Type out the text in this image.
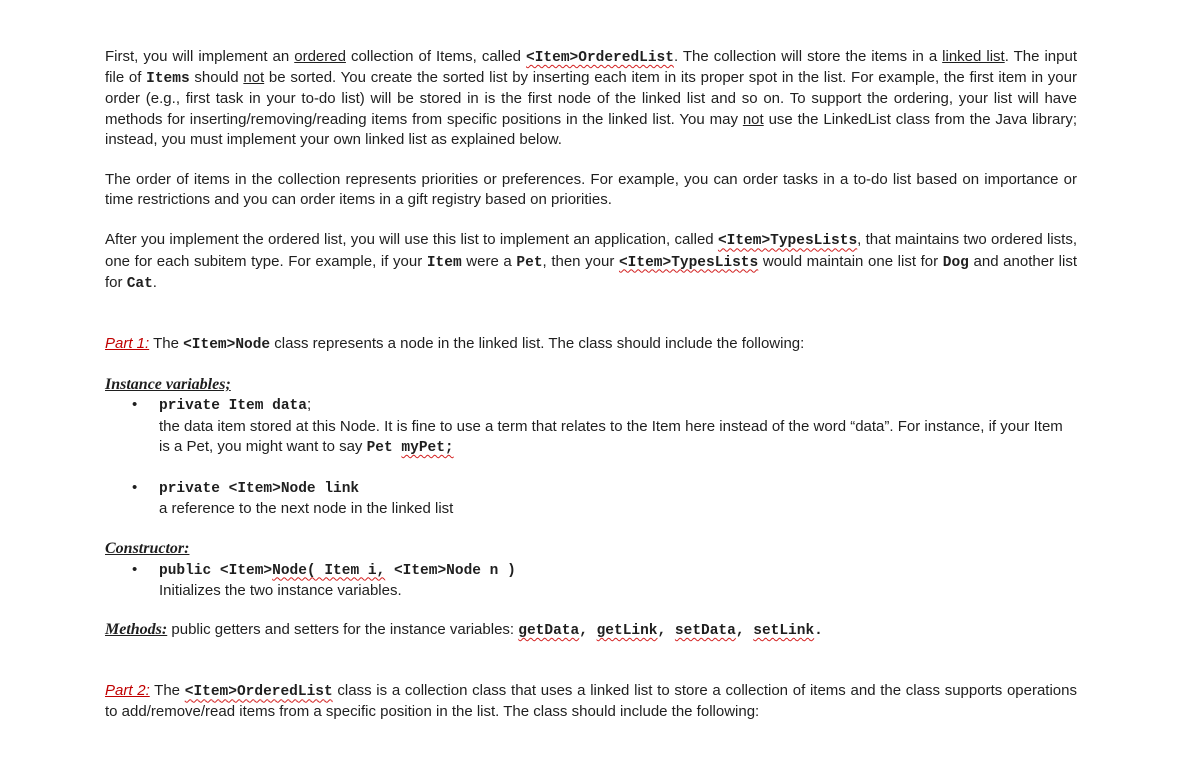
First, you will implement an ordered collection of Items, called <Item>OrderedList. The collection will store the items in a linked list. The input file of Items should not be sorted. You create the sorted list by inserting each item in its proper spot in the list. For example, the first item in your order (e.g., first task in your to-do list) will be stored in is the first node of the linked list and so on. To support the ordering, your list will have methods for inserting/removing/reading items from specific positions in the linked list. You may not use the LinkedList class from the Java library; instead, you must implement your own linked list as explained below.

The order of items in the collection represents priorities or preferences. For example, you can order tasks in a to-do list based on importance or time restrictions and you can order items in a gift registry based on priorities.

After you implement the ordered list, you will use this list to implement an application, called <Item>TypesLists, that maintains two ordered lists, one for each subitem type. For example, if your Item were a Pet, then your <Item>TypesLists would maintain one list for Dog and another list for Cat.

Part 1: The <Item>Node class represents a node in the linked list. The class should include the following:

Instance variables;

• private Item data;

the data item stored at this Node. It is fine to use a term that relates to the Item here instead of the word “data”. For instance, if your Item is a Pet, you might want to say Pet myPet;

• private <Item>Node link

a reference to the next node in the linked list

Constructor:

• public <Item>Node( Item i, <Item>Node n )

Initializes the two instance variables.

Methods: public getters and setters for the instance variables: getData, getLink, setData, setLink.

Part 2: The <Item>OrderedList class is a collection class that uses a linked list to store a collection of items and the class supports operations to add/remove/read items from a specific position in the list. The class should include the following:
